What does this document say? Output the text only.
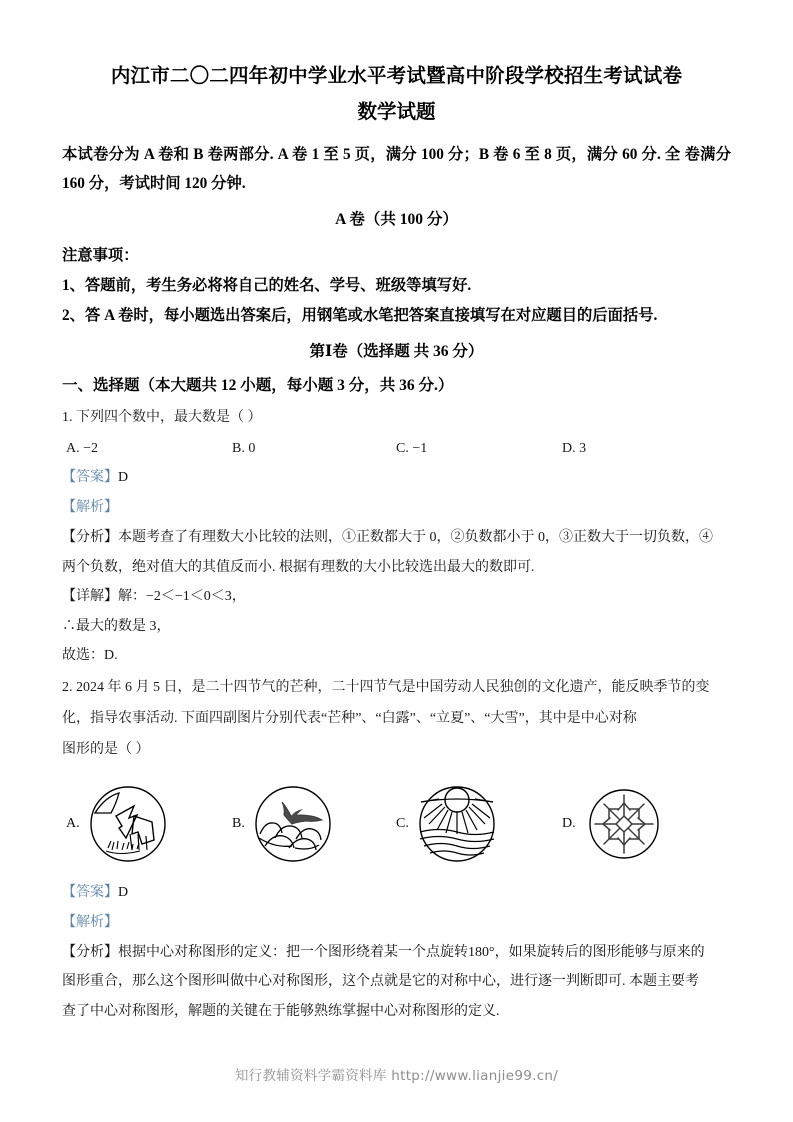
内江市二〇二四年初中学业水平考试暨高中阶段学校招生考试试卷
数学试题

本试卷分为 A 卷和 B 卷两部分. A 卷 1 至 5 页，满分 100 分；B 卷 6 至 8 页，满分 60 分. 全 卷满分 160 分，考试时间 120 分钟.

A 卷（共 100 分）

注意事项：

1、答题前，考生务必将将自己的姓名、学号、班级等填写好.

2、答 A 卷时，每小题选出答案后，用钢笔或水笔把答案直接填写在对应题目的后面括号.

第Ⅰ卷（选择题 共 36 分）

一、选择题（本大题共 12 小题，每小题 3 分，共 36 分.）

1. 下列四个数中，最大数是（ ）

A. −2	B. 0	C. −1	D. 3

【答案】D

【解析】

【分析】本题考查了有理数大小比较的法则，①正数都大于 0，②负数都小于 0，③正数大于一切负数，④

两个负数，绝对值大的其值反而小. 根据有理数的大小比较选出最大的数即可.

【详解】解：−2＜−1＜0＜3，

∴最大的数是 3，

故选：D.

2. 2024 年 6 月 5 日，是二十四节气的芒种，二十四节气是中国劳动人民独创的文化遗产，能反映季节的变

化，指导农事活动. 下面四副图片分别代表“芒种”、“白露”、“立夏”、“大雪”，其中是中心对称

图形的是（ ）

A.	B.	C.	D.

【答案】D

【解析】

【分析】根据中心对称图形的定义：把一个图形绕着某一个点旋转180°，如果旋转后的图形能够与原来的

图形重合，那么这个图形叫做中心对称图形，这个点就是它的对称中心，进行逐一判断即可. 本题主要考

查了中心对称图形，解题的关键在于能够熟练掌握中心对称图形的定义.

知行教辅资料学霸资料库 http://www.lianjie99.cn/
